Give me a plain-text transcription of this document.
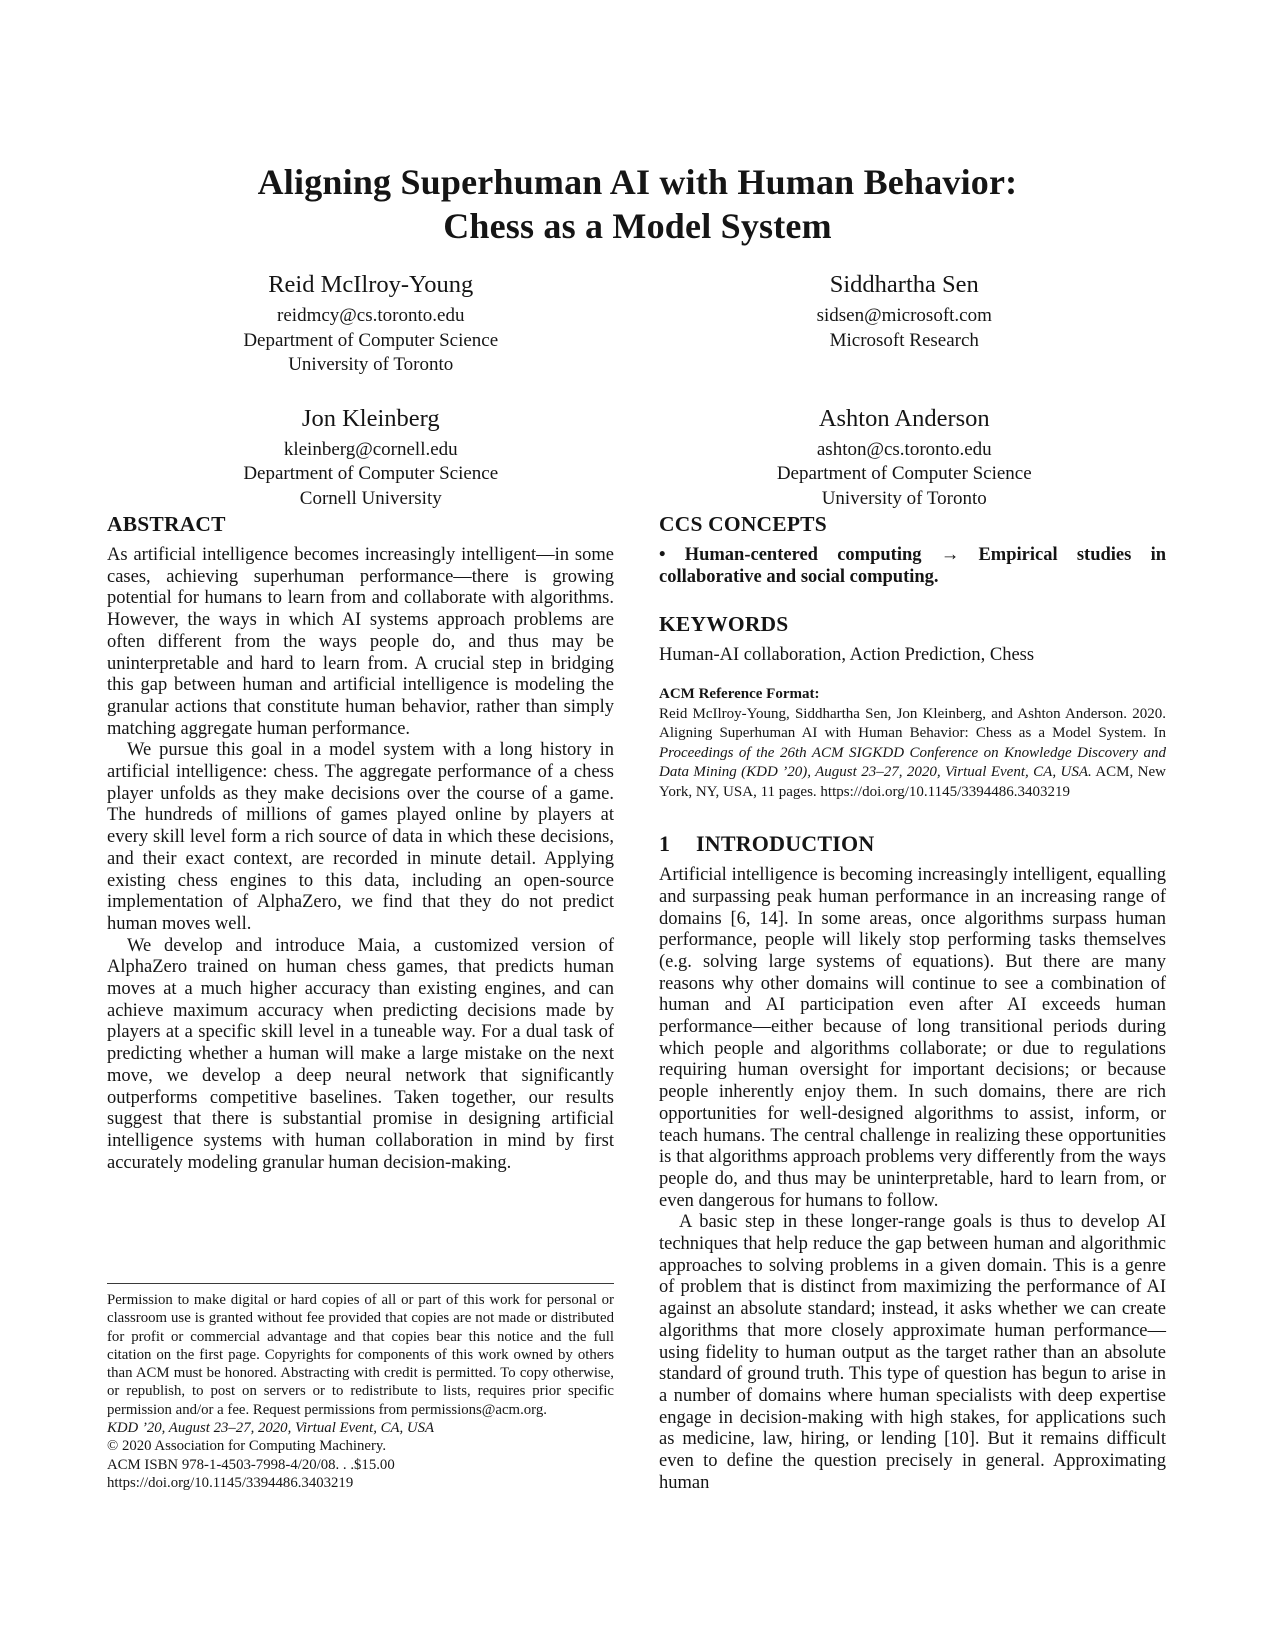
Aligning Superhuman AI with Human Behavior:
Chess as a Model System
Reid McIlroy-Young
reidmcy@cs.toronto.edu
Department of Computer Science
University of Toronto
Siddhartha Sen
sidsen@microsoft.com
Microsoft Research
Jon Kleinberg
kleinberg@cornell.edu
Department of Computer Science
Cornell University
Ashton Anderson
ashton@cs.toronto.edu
Department of Computer Science
University of Toronto
ABSTRACT

As artificial intelligence becomes increasingly intelligent—in some cases, achieving superhuman performance—there is growing potential for humans to learn from and collaborate with algorithms. However, the ways in which AI systems approach problems are often different from the ways people do, and thus may be uninterpretable and hard to learn from. A crucial step in bridging this gap between human and artificial intelligence is modeling the granular actions that constitute human behavior, rather than simply matching aggregate human performance.

We pursue this goal in a model system with a long history in artificial intelligence: chess. The aggregate performance of a chess player unfolds as they make decisions over the course of a game. The hundreds of millions of games played online by players at every skill level form a rich source of data in which these decisions, and their exact context, are recorded in minute detail. Applying existing chess engines to this data, including an open-source implementation of AlphaZero, we find that they do not predict human moves well.

We develop and introduce Maia, a customized version of AlphaZero trained on human chess games, that predicts human moves at a much higher accuracy than existing engines, and can achieve maximum accuracy when predicting decisions made by players at a specific skill level in a tuneable way. For a dual task of predicting whether a human will make a large mistake on the next move, we develop a deep neural network that significantly outperforms competitive baselines. Taken together, our results suggest that there is substantial promise in designing artificial intelligence systems with human collaboration in mind by first accurately modeling granular human decision-making.

CCS CONCEPTS

• Human-centered computing → Empirical studies in collaborative and social computing.

KEYWORDS

Human-AI collaboration, Action Prediction, Chess

ACM Reference Format:

Reid McIlroy-Young, Siddhartha Sen, Jon Kleinberg, and Ashton Anderson. 2020. Aligning Superhuman AI with Human Behavior: Chess as a Model System. In Proceedings of the 26th ACM SIGKDD Conference on Knowledge Discovery and Data Mining (KDD ’20), August 23–27, 2020, Virtual Event, CA, USA. ACM, New York, NY, USA, 11 pages. https://doi.org/10.1145/3394486.3403219

1 INTRODUCTION

Artificial intelligence is becoming increasingly intelligent, equalling and surpassing peak human performance in an increasing range of domains [6, 14]. In some areas, once algorithms surpass human performance, people will likely stop performing tasks themselves (e.g. solving large systems of equations). But there are many reasons why other domains will continue to see a combination of human and AI participation even after AI exceeds human performance—either because of long transitional periods during which people and algorithms collaborate; or due to regulations requiring human oversight for important decisions; or because people inherently enjoy them. In such domains, there are rich opportunities for well-designed algorithms to assist, inform, or teach humans. The central challenge in realizing these opportunities is that algorithms approach problems very differently from the ways people do, and thus may be uninterpretable, hard to learn from, or even dangerous for humans to follow.

A basic step in these longer-range goals is thus to develop AI techniques that help reduce the gap between human and algorithmic approaches to solving problems in a given domain. This is a genre of problem that is distinct from maximizing the performance of AI against an absolute standard; instead, it asks whether we can create algorithms that more closely approximate human performance—using fidelity to human output as the target rather than an absolute standard of ground truth. This type of question has begun to arise in a number of domains where human specialists with deep expertise engage in decision-making with high stakes, for applications such as medicine, law, hiring, or lending [10]. But it remains difficult even to define the question precisely in general. Approximating human

Permission to make digital or hard copies of all or part of this work for personal or classroom use is granted without fee provided that copies are not made or distributed for profit or commercial advantage and that copies bear this notice and the full citation on the first page. Copyrights for components of this work owned by others than ACM must be honored. Abstracting with credit is permitted. To copy otherwise, or republish, to post on servers or to redistribute to lists, requires prior specific permission and/or a fee. Request permissions from permissions@acm.org.

KDD ’20, August 23–27, 2020, Virtual Event, CA, USA

© 2020 Association for Computing Machinery.

ACM ISBN 978-1-4503-7998-4/20/08. . .$15.00

https://doi.org/10.1145/3394486.3403219
